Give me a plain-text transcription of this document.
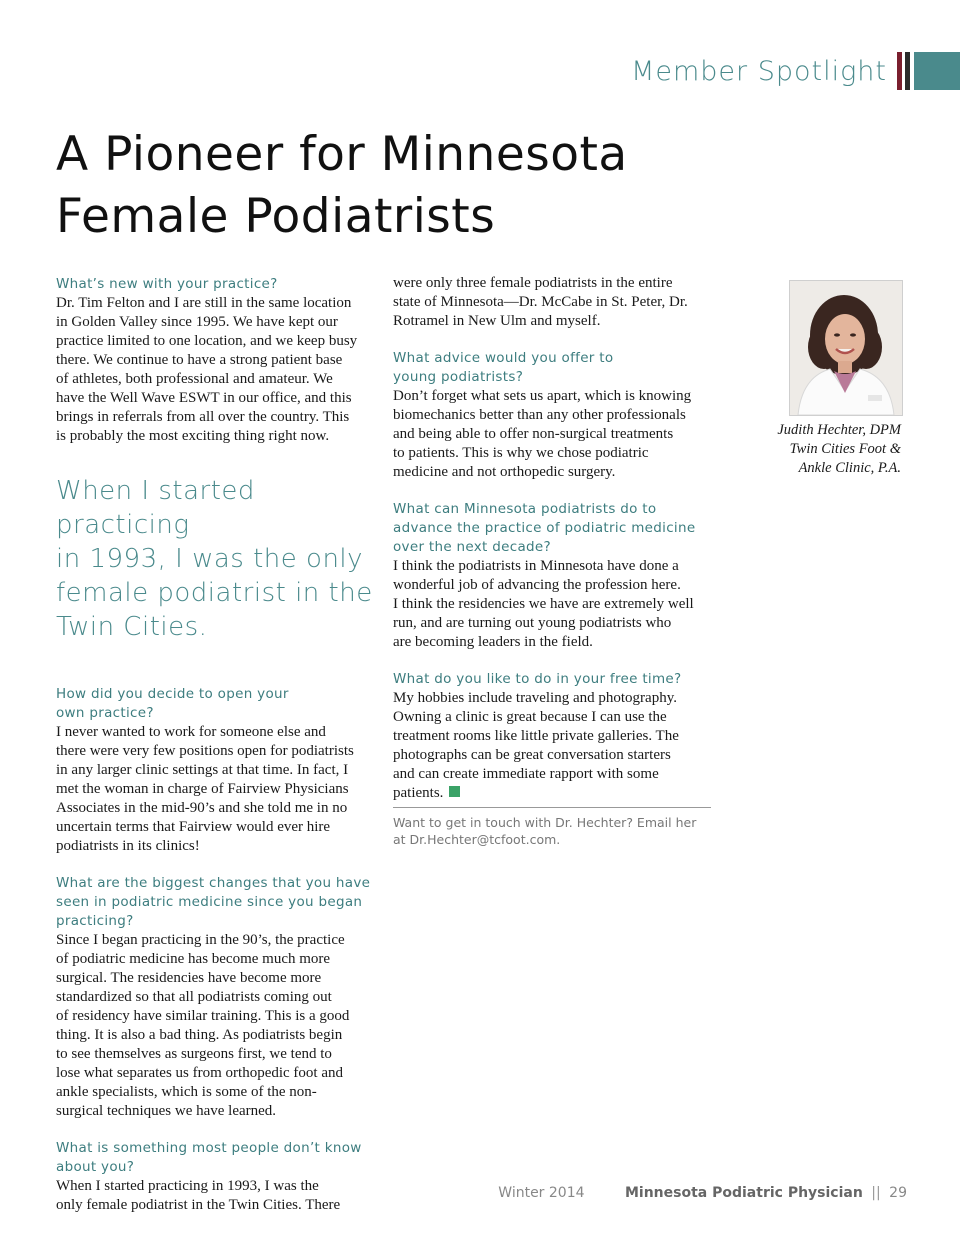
Member Spotlight
A Pioneer for Minnesota
Female Podiatrists

What’s new with your practice?

Dr. Tim Felton and I are still in the same location
in Golden Valley since 1995. We have kept our
practice limited to one location, and we keep busy
there. We continue to have a strong patient base
of athletes, both professional and amateur. We
have the Well Wave ESWT in our office, and this
brings in referrals from all over the country. This
is probably the most exciting thing right now.

When I started practicing
in 1993, I was the only
female podiatrist in the
Twin Cities.

How did you decide to open your
own practice?

I never wanted to work for someone else and
there were very few positions open for podiatrists
in any larger clinic settings at that time. In fact, I
met the woman in charge of Fairview Physicians
Associates in the mid-90’s and she told me in no
uncertain terms that Fairview would ever hire
podiatrists in its clinics!

What are the biggest changes that you have
seen in podiatric medicine since you began
practicing?

Since I began practicing in the 90’s, the practice
of podiatric medicine has become much more
surgical. The residencies have become more
standardized so that all podiatrists coming out
of residency have similar training. This is a good
thing. It is also a bad thing. As podiatrists begin
to see themselves as surgeons first, we tend to
lose what separates us from orthopedic foot and
ankle specialists, which is some of the non-
surgical techniques we have learned.

What is something most people don’t know
about you?

When I started practicing in 1993, I was the
only female podiatrist in the Twin Cities. There

were only three female podiatrists in the entire
state of Minnesota—Dr. McCabe in St. Peter, Dr.
Rotramel in New Ulm and myself.

What advice would you offer to
young podiatrists?

Don’t forget what sets us apart, which is knowing
biomechanics better than any other professionals
and being able to offer non-surgical treatments
to patients. This is why we chose podiatric
medicine and not orthopedic surgery.

What can Minnesota podiatrists do to
advance the practice of podiatric medicine
over the next decade?

I think the podiatrists in Minnesota have done a
wonderful job of advancing the profession here.
I think the residencies we have are extremely well
run, and are turning out young podiatrists who
are becoming leaders in the field.

What do you like to do in your free time?

My hobbies include traveling and photography.
Owning a clinic is great because I can use the
treatment rooms like little private galleries. The
photographs can be great conversation starters
and can create immediate rapport with some
patients.

Want to get in touch with Dr. Hechter? Email her
at Dr.Hechter@tcfoot.com.

Judith Hechter, DPM
Twin Cities Foot &
Ankle Clinic, P.A.
Winter 2014	Minnesota Podiatric Physician || 29
